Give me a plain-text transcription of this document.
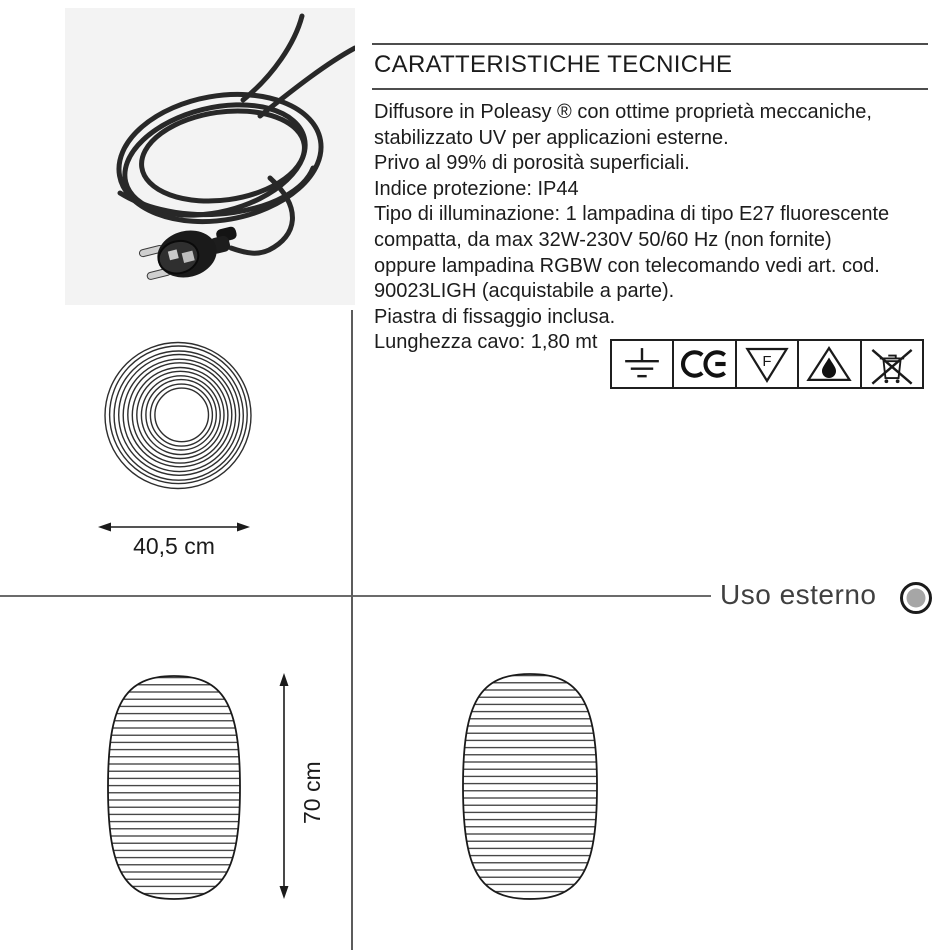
CARATTERISTICHE TECNICHE
Diffusore in Poleasy ® con ottime proprietà meccaniche,
stabilizzato UV per applicazioni esterne.
Privo al 99% di porosità superficiali.
Indice protezione: IP44
Tipo di illuminazione: 1 lampadina di tipo E27 fluorescente
compatta, da max 32W-230V 50/60 Hz (non fornite)
oppure lampadina RGBW con telecomando vedi art. cod.
90023LIGH (acquistabile a parte).
Piastra di fissaggio inclusa.
Lunghezza cavo: 1,80 mt
F
40,5 cm
Uso esterno
70 cm
